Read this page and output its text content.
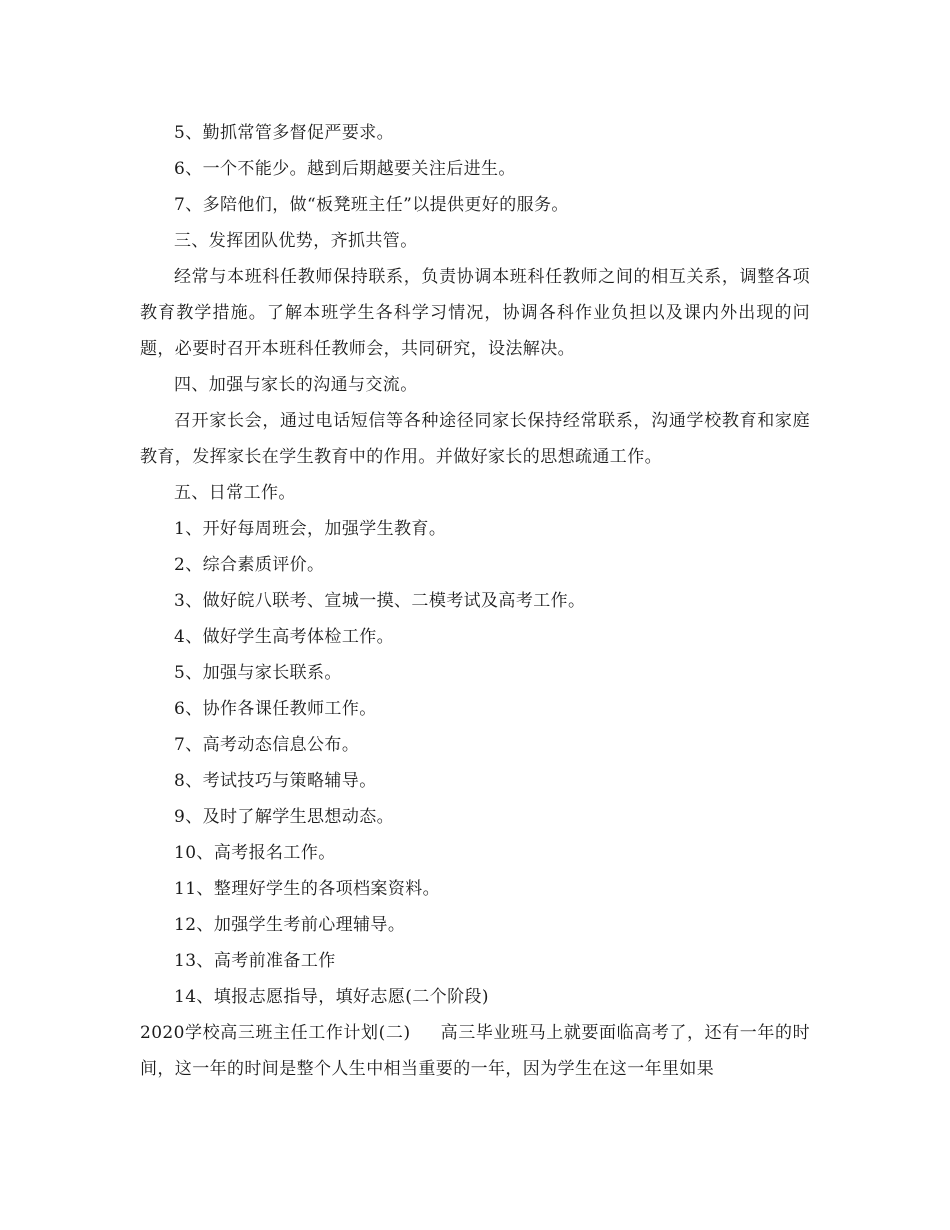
5、勤抓常管多督促严要求。

6、一个不能少。越到后期越要关注后进生。

7、多陪他们，做“板凳班主任”以提供更好的服务。

三、发挥团队优势，齐抓共管。

经常与本班科任教师保持联系，负责协调本班科任教师之间的相互关系，调整各项教育教学措施。了解本班学生各科学习情况，协调各科作业负担以及课内外出现的问题，必要时召开本班科任教师会，共同研究，设法解决。

四、加强与家长的沟通与交流。

召开家长会，通过电话短信等各种途径同家长保持经常联系，沟通学校教育和家庭教育，发挥家长在学生教育中的作用。并做好家长的思想疏通工作。

五、日常工作。

1、开好每周班会，加强学生教育。

2、综合素质评价。

3、做好皖八联考、宣城一摸、二模考试及高考工作。

4、做好学生高考体检工作。

5、加强与家长联系。

6、协作各课任教师工作。

7、高考动态信息公布。

8、考试技巧与策略辅导。

9、及时了解学生思想动态。

10、高考报名工作。

11、整理好学生的各项档案资料。

12、加强学生考前心理辅导。

13、高考前准备工作

14、填报志愿指导，填好志愿(二个阶段)

2020学校高三班主任工作计划(二) 高三毕业班马上就要面临高考了，还有一年的时间，这一年的时间是整个人生中相当重要的一年，因为学生在这一年里如果
